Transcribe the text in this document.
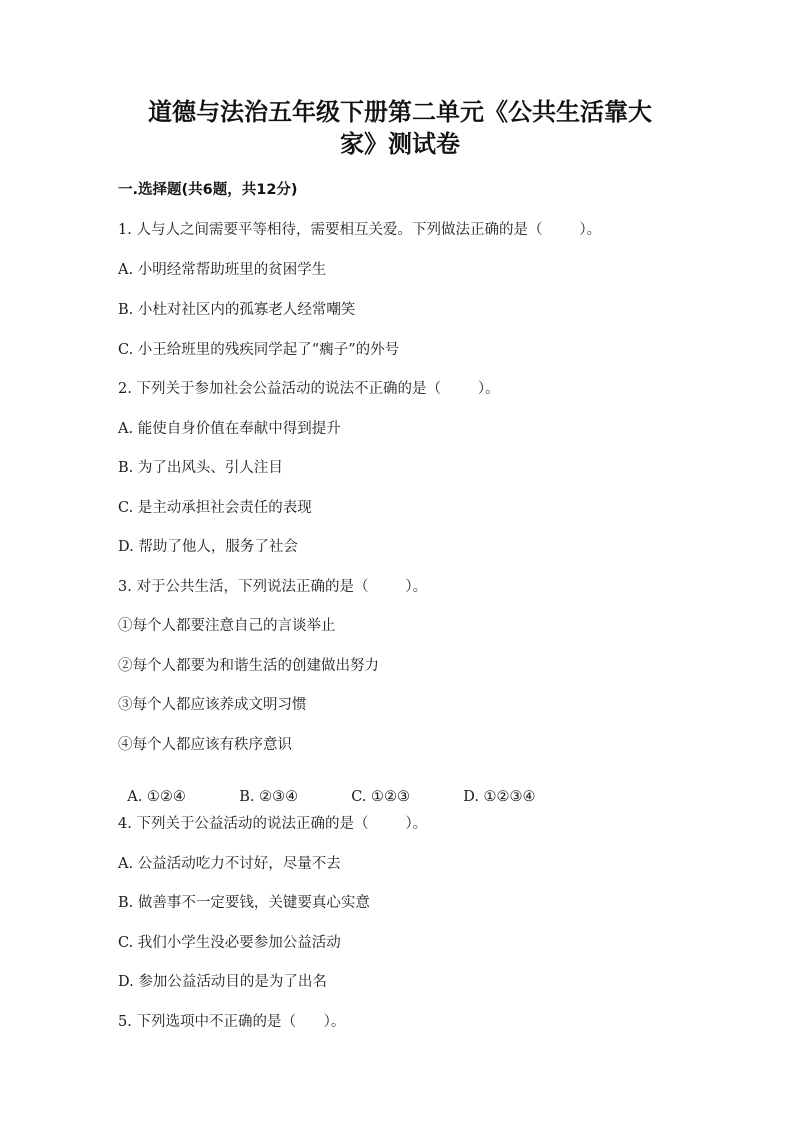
道德与法治五年级下册第二单元《公共生活靠大
家》测试卷
一.选择题(共6题，共12分)
1. 人与人之间需要平等相待，需要相互关爱。下列做法正确的是（        ）。
A. 小明经常帮助班里的贫困学生
B. 小杜对社区内的孤寡老人经常嘲笑
C. 小王给班里的残疾同学起了“瘸子”的外号
2. 下列关于参加社会公益活动的说法不正确的是（        ）。
A. 能使自身价值在奉献中得到提升
B. 为了出风头、引人注目
C. 是主动承担社会责任的表现
D. 帮助了他人，服务了社会
3. 对于公共生活，下列说法正确的是（        ）。
①每个人都要注意自己的言谈举止
②每个人都要为和谐生活的创建做出努力
③每个人都应该养成文明习惯
④每个人都应该有秩序意识

A. ①②④	B. ②③④	C. ①②③	D. ①②③④

4. 下列关于公益活动的说法正确的是（        ）。
A. 公益活动吃力不讨好，尽量不去
B. 做善事不一定要钱，关键要真心实意
C. 我们小学生没必要参加公益活动
D. 参加公益活动目的是为了出名
5. 下列选项中不正确的是（      ）。
